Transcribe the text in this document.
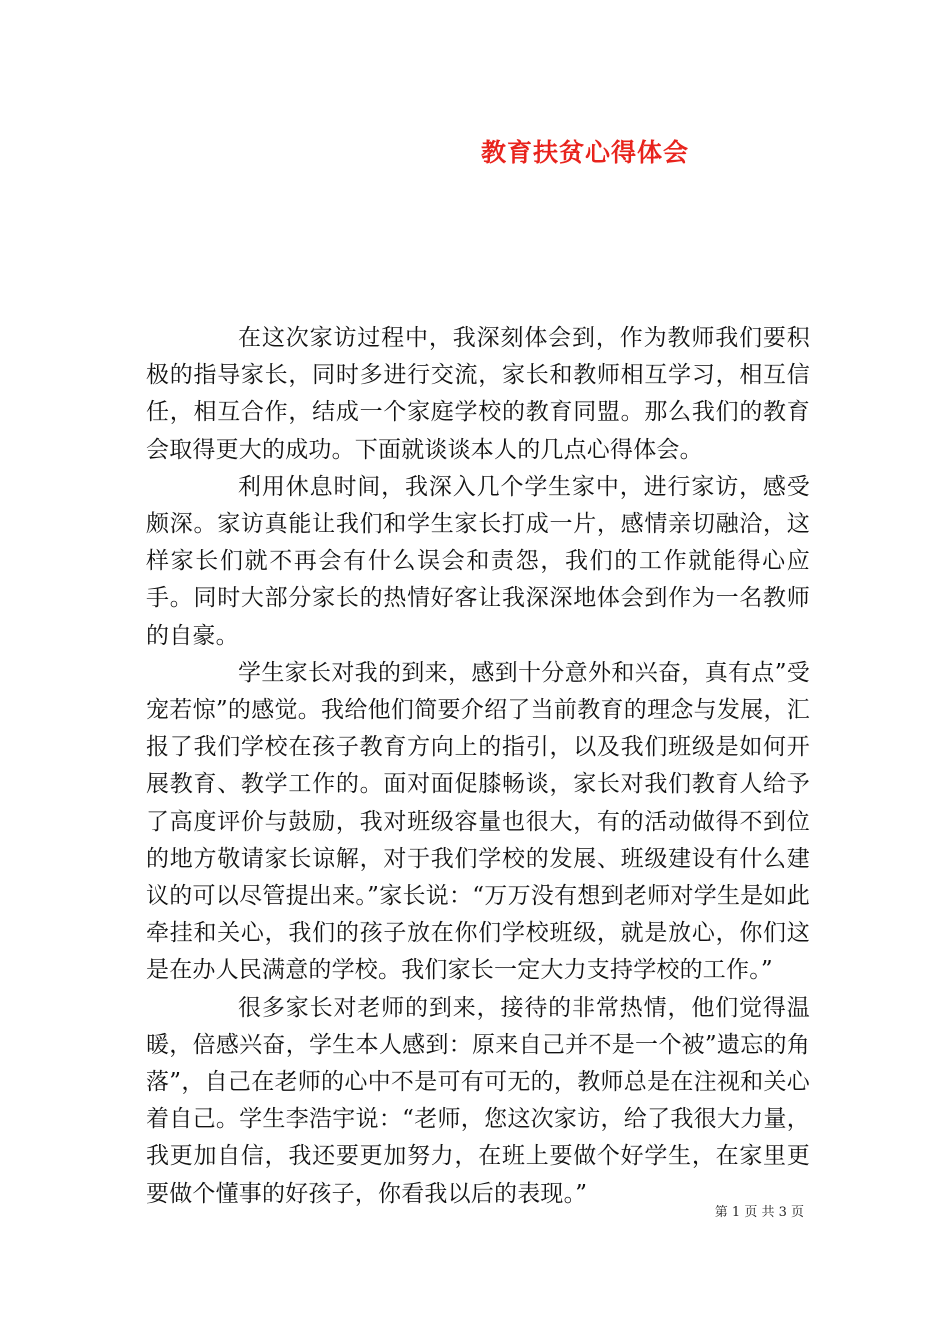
教育扶贫心得体会

在这次家访过程中，我深刻体会到，作为教师我们要积极的指导家长，同时多进行交流，家长和教师相互学习，相互信任，相互合作，结成一个家庭学校的教育同盟。那么我们的教育会取得更大的成功。下面就谈谈本人的几点心得体会。

利用休息时间，我深入几个学生家中，进行家访，感受颇深。家访真能让我们和学生家长打成一片，感情亲切融洽，这样家长们就不再会有什么误会和责怨，我们的工作就能得心应手。同时大部分家长的热情好客让我深深地体会到作为一名教师的自豪。

学生家长对我的到来，感到十分意外和兴奋，真有点”受宠若惊”的感觉。我给他们简要介绍了当前教育的理念与发展，汇报了我们学校在孩子教育方向上的指引，以及我们班级是如何开展教育、教学工作的。面对面促膝畅谈，家长对我们教育人给予了高度评价与鼓励，我对班级容量也很大，有的活动做得不到位的地方敬请家长谅解，对于我们学校的发展、班级建设有什么建议的可以尽管提出来。”家长说：“万万没有想到老师对学生是如此牵挂和关心，我们的孩子放在你们学校班级，就是放心，你们这是在办人民满意的学校。我们家长一定大力支持学校的工作。”

很多家长对老师的到来，接待的非常热情，他们觉得温暖，倍感兴奋，学生本人感到：原来自己并不是一个被”遗忘的角落”，自己在老师的心中不是可有可无的，教师总是在注视和关心着自己。学生李浩宇说：“老师，您这次家访，给了我很大力量，我更加自信，我还要更加努力，在班上要做个好学生，在家里更要做个懂事的好孩子，你看我以后的表现。”

第 1 页 共 3 页
